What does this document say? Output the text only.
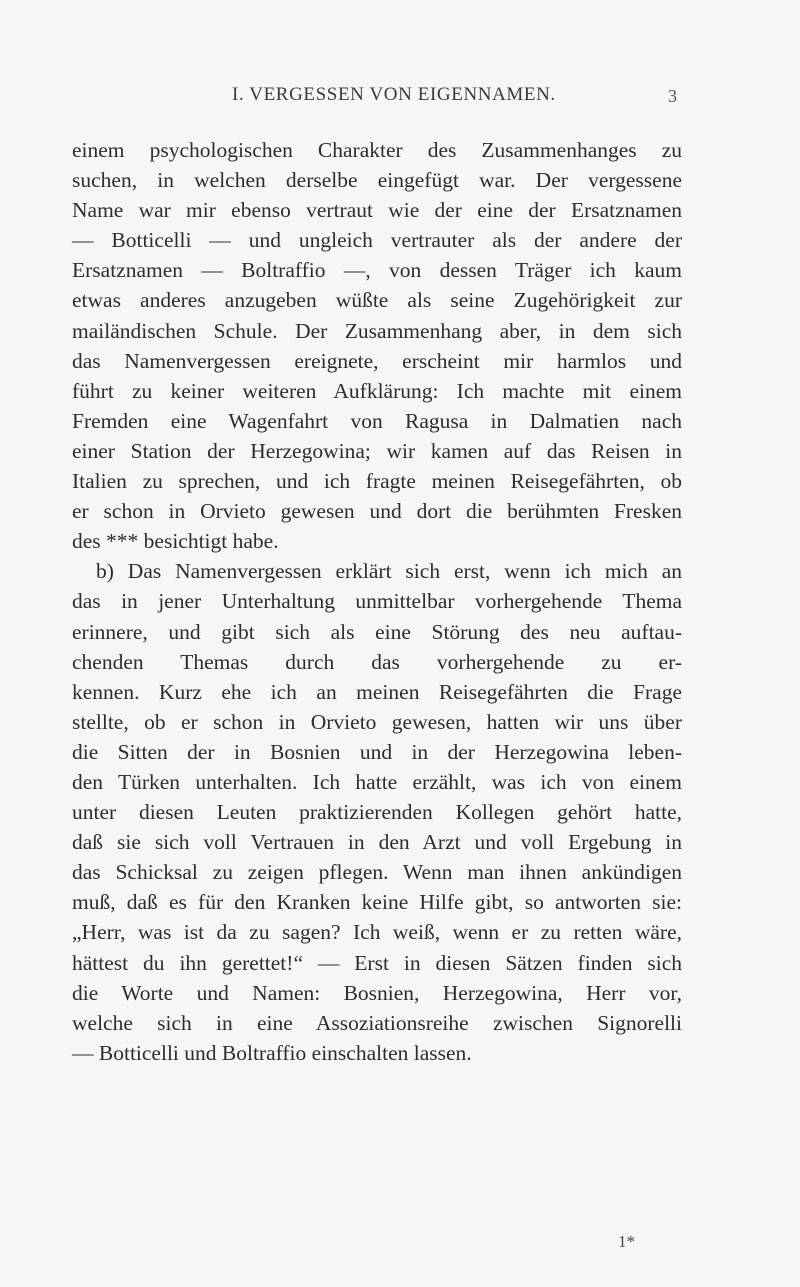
I. VERGESSEN VON EIGENNAMEN.	3
einem psychologischen Charakter des Zusammenhanges zu
suchen, in welchen derselbe eingefügt war. Der vergessene
Name war mir ebenso vertraut wie der eine der Ersatznamen
— Botticelli — und ungleich vertrauter als der andere der
Ersatznamen — Boltraffio —, von dessen Träger ich kaum
etwas anderes anzugeben wüßte als seine Zugehörigkeit zur
mailändischen Schule. Der Zusammenhang aber, in dem sich
das Namenvergessen ereignete, erscheint mir harmlos und
führt zu keiner weiteren Aufklärung: Ich machte mit einem
Fremden eine Wagenfahrt von Ragusa in Dalmatien nach
einer Station der Herzegowina; wir kamen auf das Reisen in
Italien zu sprechen, und ich fragte meinen Reisegefährten, ob
er schon in Orvieto gewesen und dort die berühmten Fresken
des *** besichtigt habe.
b) Das Namenvergessen erklärt sich erst, wenn ich mich an
das in jener Unterhaltung unmittelbar vorhergehende Thema
erinnere, und gibt sich als eine Störung des neu auftau-
chenden Themas durch das vorhergehende zu er-
kennen. Kurz ehe ich an meinen Reisegefährten die Frage
stellte, ob er schon in Orvieto gewesen, hatten wir uns über
die Sitten der in Bosnien und in der Herzegowina leben-
den Türken unterhalten. Ich hatte erzählt, was ich von einem
unter diesen Leuten praktizierenden Kollegen gehört hatte,
daß sie sich voll Vertrauen in den Arzt und voll Ergebung in
das Schicksal zu zeigen pflegen. Wenn man ihnen ankündigen
muß, daß es für den Kranken keine Hilfe gibt, so antworten sie:
„Herr, was ist da zu sagen? Ich weiß, wenn er zu retten wäre,
hättest du ihn gerettet!“ — Erst in diesen Sätzen finden sich
die Worte und Namen: Bosnien, Herzegowina, Herr vor,
welche sich in eine Assoziationsreihe zwischen Signorelli
— Botticelli und Boltraffio einschalten lassen.
1*
